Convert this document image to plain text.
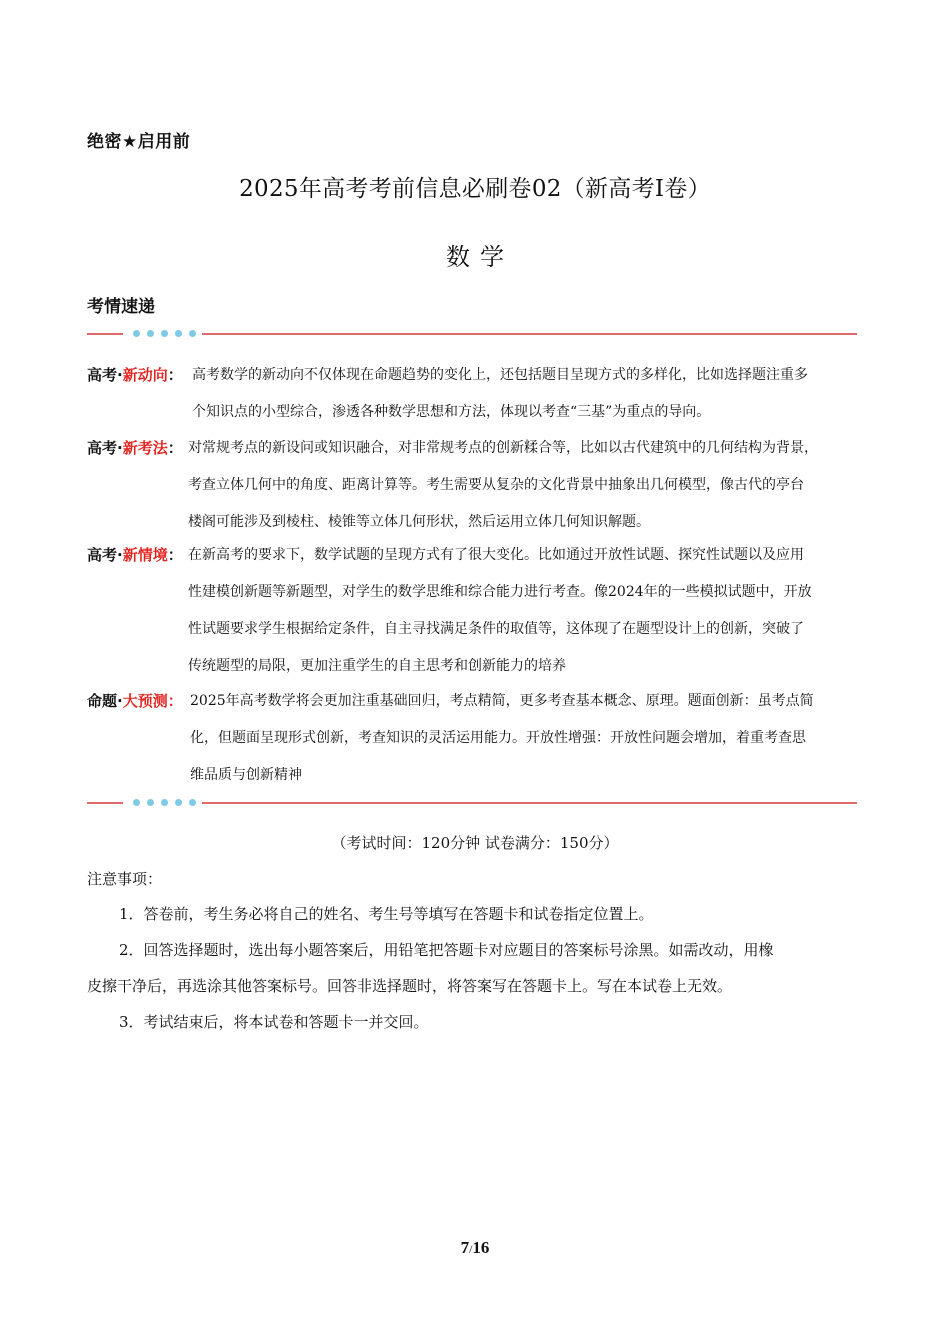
绝密★启用前
2025年高考考前信息必刷卷02（新高考Ⅰ卷）
数学
考情速递
高考·新动向： 高考数学的新动向不仅体现在命题趋势的变化上，还包括题目呈现方式的多样化，比如选择题注重多
个知识点的小型综合，渗透各种数学思想和方法，体现以考查“三基”为重点的导向。
高考·新考法： 对常规考点的新设问或知识融合，对非常规考点的创新糅合等，比如以古代建筑中的几何结构为背景，
考查立体几何中的角度、距离计算等。考生需要从复杂的文化背景中抽象出几何模型，像古代的亭台
楼阁可能涉及到棱柱、棱锥等立体几何形状，然后运用立体几何知识解题。
高考·新情境： 在新高考的要求下，数学试题的呈现方式有了很大变化。比如通过开放性试题、探究性试题以及应用
性建模创新题等新题型，对学生的数学思维和综合能力进行考查。像2024年的一些模拟试题中，开放
性试题要求学生根据给定条件，自主寻找满足条件的取值等，这体现了在题型设计上的创新，突破了
传统题型的局限，更加注重学生的自主思考和创新能力的培养
命题·大预测： 2025年高考数学将会更加注重基础回归，考点精简，更多考查基本概念、原理。题面创新：虽考点简
化，但题面呈现形式创新，考查知识的灵活运用能力。开放性增强：开放性问题会增加，着重考查思
维品质与创新精神
（考试时间：120分钟 试卷满分：150分）
注意事项：
1．答卷前，考生务必将自己的姓名、考生号等填写在答题卡和试卷指定位置上。
2．回答选择题时，选出每小题答案后，用铅笔把答题卡对应题目的答案标号涂黑。如需改动，用橡
皮擦干净后，再选涂其他答案标号。回答非选择题时，将答案写在答题卡上。写在本试卷上无效。
3．考试结束后，将本试卷和答题卡一并交回。
7/16
